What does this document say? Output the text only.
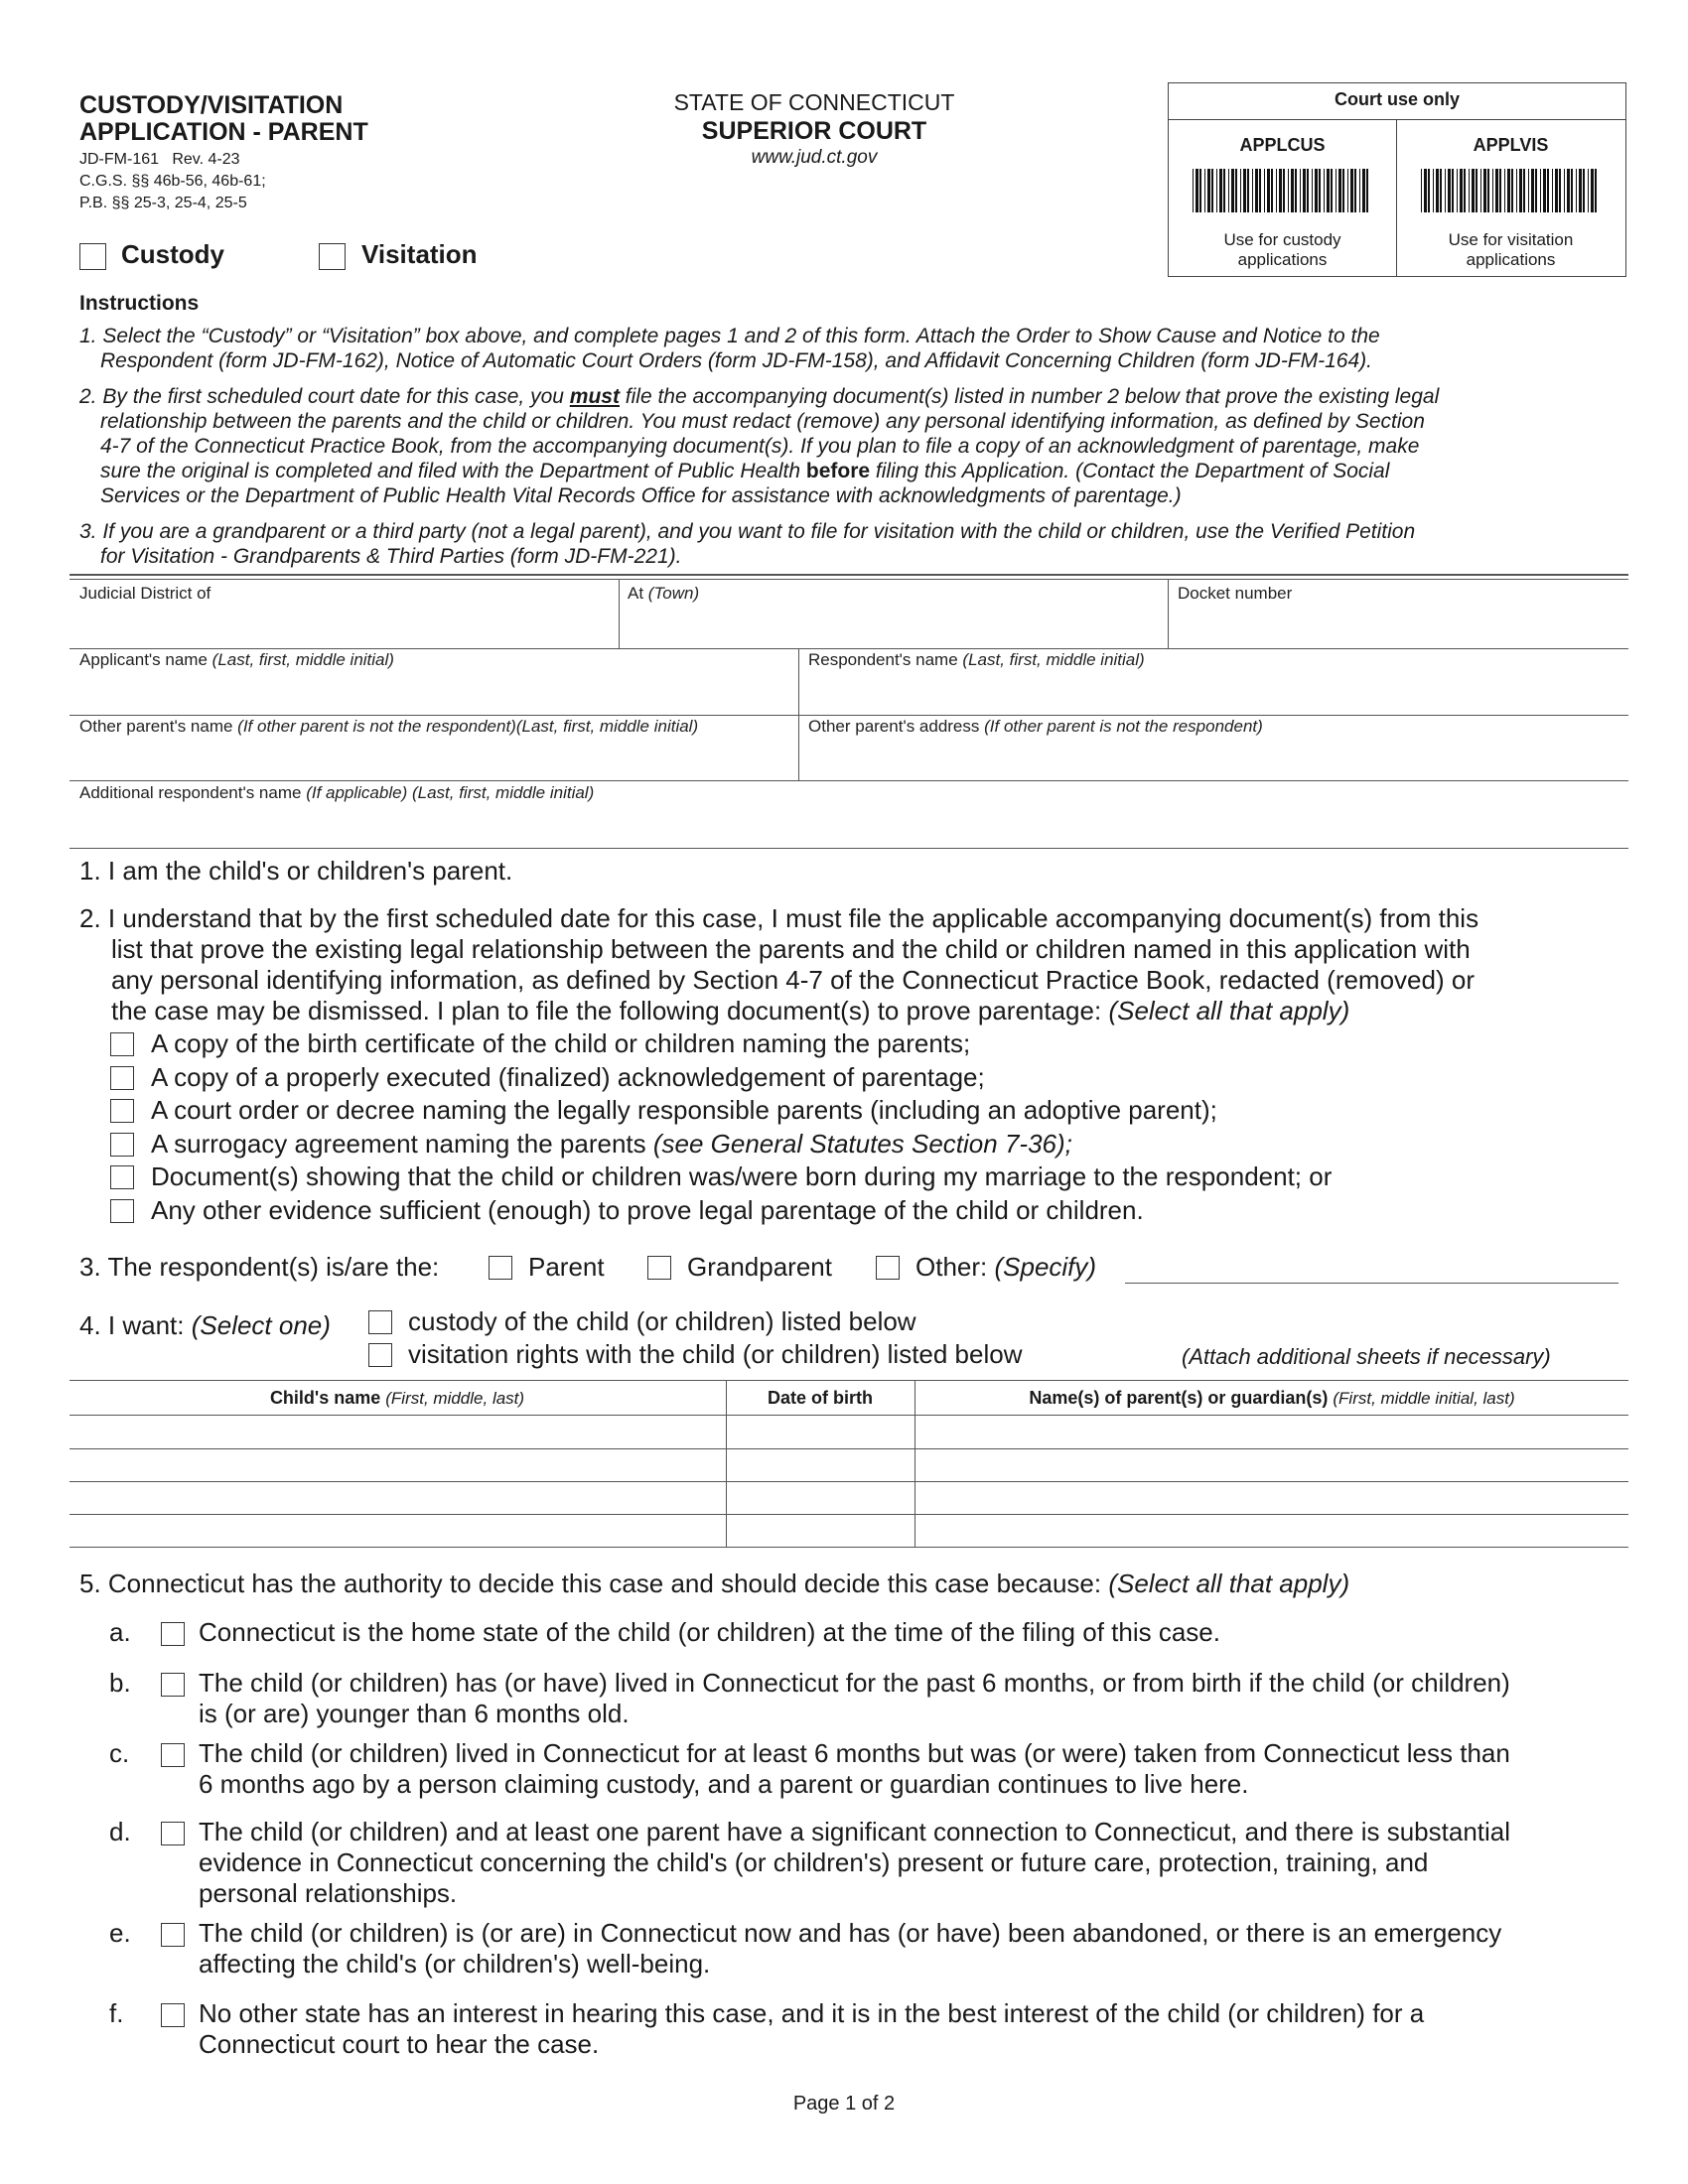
CUSTODY/VISITATION
APPLICATION - PARENT
JD-FM-161   Rev. 4-23
C.G.S. §§ 46b-56, 46b-61;
P.B. §§ 25-3, 25-4, 25-5
STATE OF CONNECTICUT
SUPERIOR COURT
www.jud.ct.gov
Court use only
APPLCUS
Use for custody
applications
APPLVIS
Use for visitation
applications
Custody	Visitation
Instructions
1. Select the “Custody” or “Visitation” box above, and complete pages 1 and 2 of this form. Attach the Order to Show Cause and Notice to the
Respondent (form JD-FM-162), Notice of Automatic Court Orders (form JD-FM-158), and Affidavit Concerning Children (form JD-FM-164).
2. By the first scheduled court date for this case, you must file the accompanying document(s) listed in number 2 below that prove the existing legal
relationship between the parents and the child or children. You must redact (remove) any personal identifying information, as defined by Section
4-7 of the Connecticut Practice Book, from the accompanying document(s). If you plan to file a copy of an acknowledgment of parentage, make
sure the original is completed and filed with the Department of Public Health before filing this Application. (Contact the Department of Social
Services or the Department of Public Health Vital Records Office for assistance with acknowledgments of parentage.)
3. If you are a grandparent or a third party (not a legal parent), and you want to file for visitation with the child or children, use the Verified Petition
for Visitation - Grandparents & Third Parties (form JD-FM-221).
Judicial District of	At (Town)	Docket number
Applicant's name (Last, first, middle initial)	Respondent's name (Last, first, middle initial)
Other parent's name (If other parent is not the respondent)(Last, first, middle initial)	Other parent's address (If other parent is not the respondent)
Additional respondent's name (If applicable) (Last, first, middle initial)
1. I am the child's or children's parent.
2. I understand that by the first scheduled date for this case, I must file the applicable accompanying document(s) from this
list that prove the existing legal relationship between the parents and the child or children named in this application with
any personal identifying information, as defined by Section 4-7 of the Connecticut Practice Book, redacted (removed) or
the case may be dismissed. I plan to file the following document(s) to prove parentage: (Select all that apply)
A copy of the birth certificate of the child or children naming the parents;
A copy of a properly executed (finalized) acknowledgement of parentage;
A court order or decree naming the legally responsible parents (including an adoptive parent);
A surrogacy agreement naming the parents (see General Statutes Section 7-36);
Document(s) showing that the child or children was/were born during my marriage to the respondent; or
Any other evidence sufficient (enough) to prove legal parentage of the child or children.
3. The respondent(s) is/are the:	Parent	Grandparent	Other: (Specify)
4. I want: (Select one)	custody of the child (or children) listed below
visitation rights with the child (or children) listed below	(Attach additional sheets if necessary)
Child's name (First, middle, last)	Date of birth	Name(s) of parent(s) or guardian(s) (First, middle initial, last)
5. Connecticut has the authority to decide this case and should decide this case because: (Select all that apply)
a.	Connecticut is the home state of the child (or children) at the time of the filing of this case.
b.	The child (or children) has (or have) lived in Connecticut for the past 6 months, or from birth if the child (or children)
is (or are) younger than 6 months old.
c.	The child (or children) lived in Connecticut for at least 6 months but was (or were) taken from Connecticut less than
6 months ago by a person claiming custody, and a parent or guardian continues to live here.
d.	The child (or children) and at least one parent have a significant connection to Connecticut, and there is substantial
evidence in Connecticut concerning the child's (or children's) present or future care, protection, training, and
personal relationships.
e.	The child (or children) is (or are) in Connecticut now and has (or have) been abandoned, or there is an emergency
affecting the child's (or children's) well-being.
f.	No other state has an interest in hearing this case, and it is in the best interest of the child (or children) for a
Connecticut court to hear the case.
Page 1 of 2
